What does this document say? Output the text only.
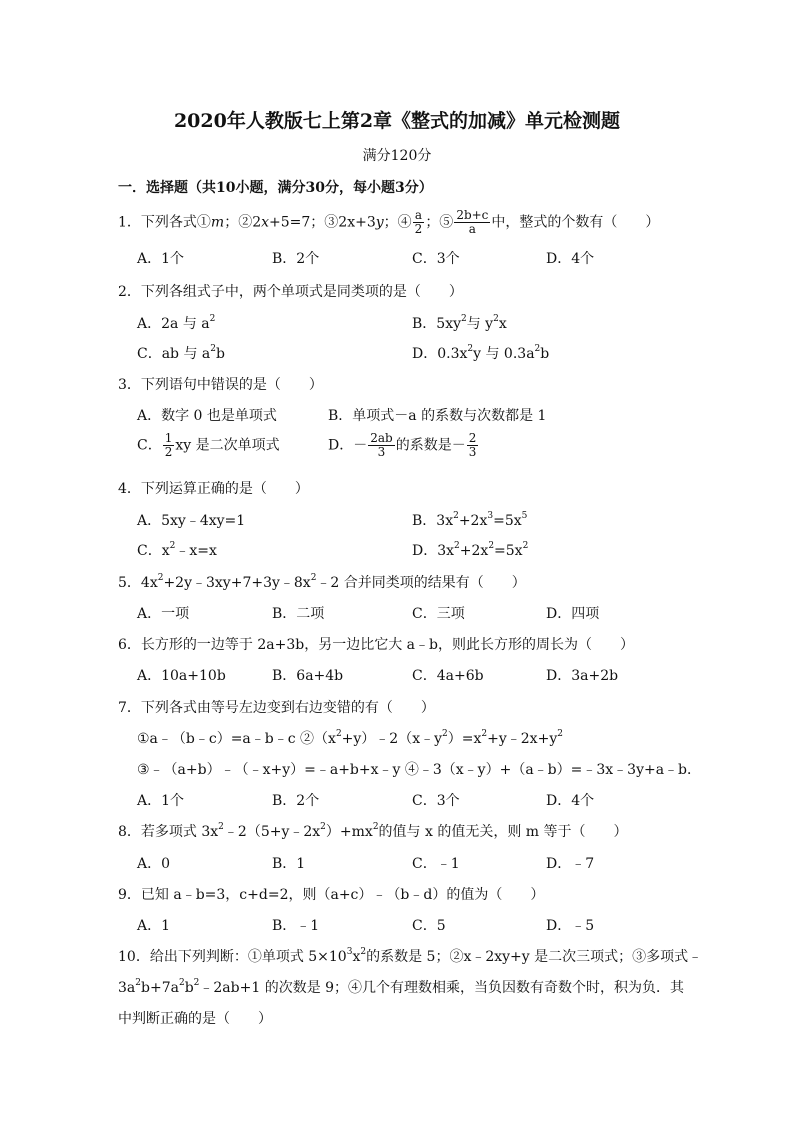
2020年人教版七上第2章《整式的加减》单元检测题
满分120分
一．选择题（共10小题，满分30分，每小题3分）
1．下列各式①m；②2x+5=7；③2x+3y；④ $\frac{a}{2}$ ；⑤ $\frac{2b+c}{a}$ 中，整式的个数有（　　）
A．1个	B．2个	C．3个	D．4个
2．下列各组式子中，两个单项式是同类项的是（　　）
A．2a 与 $a^2$	B．$5xy^2$与 $y^2x$
C．ab 与 $a^2b$	D．$0.3x^2y$ 与 $0.3a^2b$
3．下列语句中错误的是（　　）
A．数字 0 也是单项式	B．单项式－a 的系数与次数都是 1
C． $\frac{1}{2}$ xy 是二次单项式	D．－ $\frac{2ab}{3}$ 的系数是－ $\frac{2}{3}$
4．下列运算正确的是（　　）
A．5xy﹣4xy=1	B．$3x^2+2x^3=5x^5$
C．$x^2﹣x=x$	D．$3x^2+2x^2=5x^2$
5．$4x^2+2y﹣3xy+7+3y﹣8x^2﹣2$ 合并同类项的结果有（　　）
A．一项	B．二项	C．三项	D．四项
6．长方形的一边等于 2a+3b，另一边比它大 a﹣b，则此长方形的周长为（　　）
A．10a+10b	B．6a+4b	C．4a+6b	D．3a+2b
7．下列各式由等号左边变到右边变错的有（　　）
①a﹣（b﹣c）=a﹣b﹣c $②(x^2+y)﹣2(x﹣y^2)=x^2+y﹣2x+y^2$
③﹣（a+b）﹣（﹣x+y）=﹣a+b+x﹣y ④﹣3（x﹣y）+（a﹣b）=﹣3x﹣3y+a﹣b．
A．1个	B．2个	C．3个	D．4个
8．若多项式 $3x^2﹣2(5+y﹣2x^2)+mx^2$的值与 x 的值无关，则 m 等于（　　）
A．0	B．1	C．﹣1	D．﹣7
9．已知 a﹣b=3，c+d=2，则（a+c）﹣（b﹣d）的值为（　　）
A．1	B．﹣1	C．5	D．﹣5
10．给出下列判断：①单项式 $5\times 10^3x^2$的系数是 5；②x﹣2xy+y 是二次三项式；③多项式﹣
$3a^2b+7a^2b^2﹣2ab+1$ 的次数是 9；④几个有理数相乘，当负因数有奇数个时，积为负．其
中判断正确的是（　　）
